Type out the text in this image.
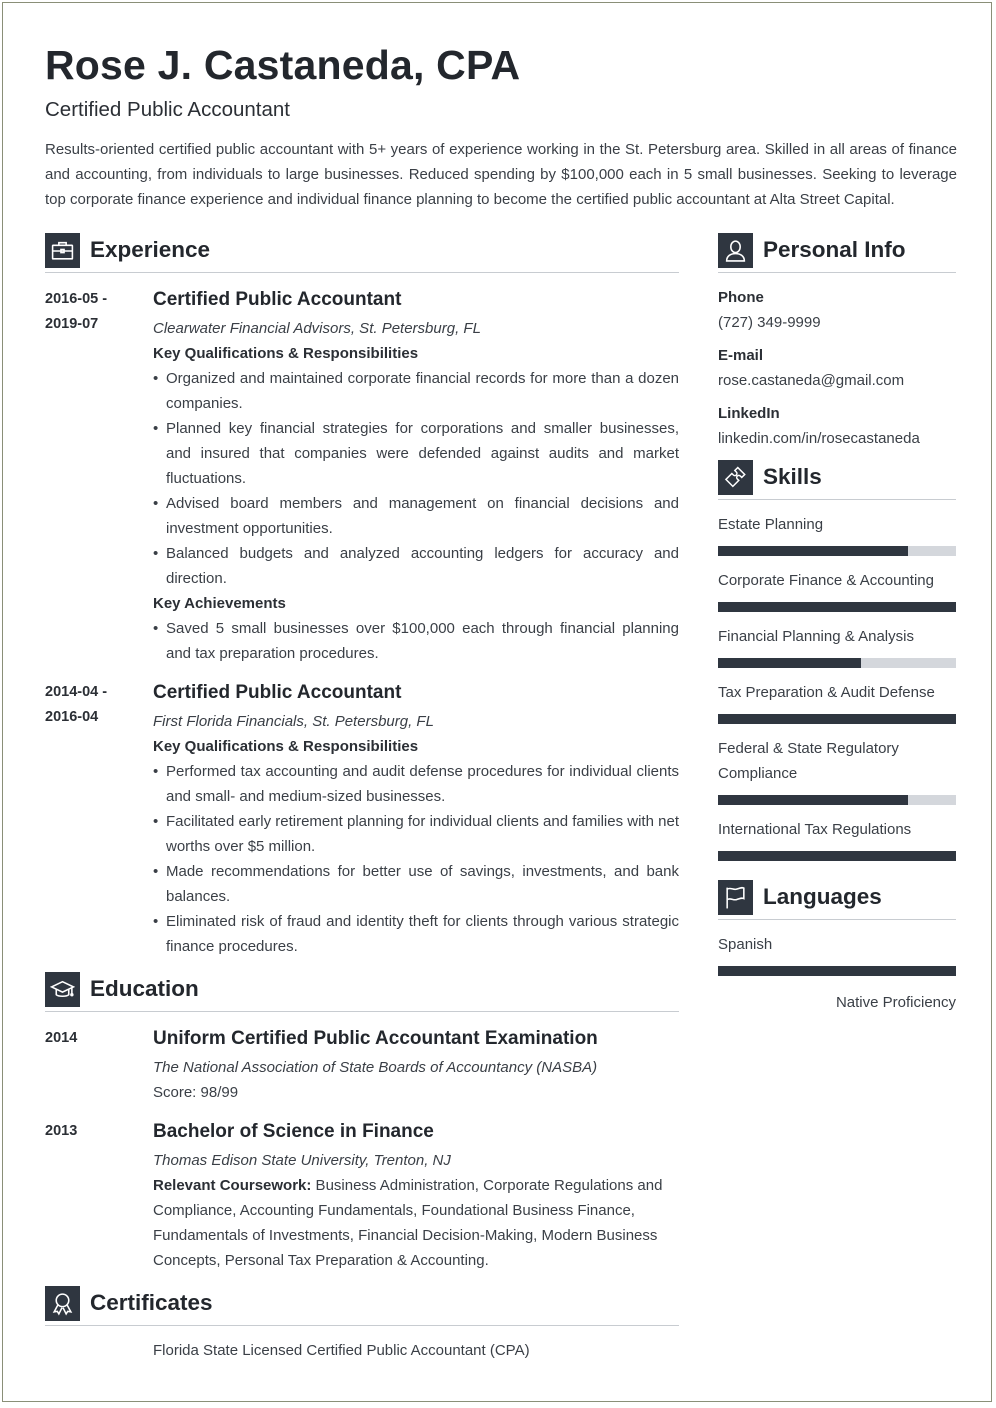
Rose J. Castaneda, CPA
Certified Public Accountant
Results-oriented certified public accountant with 5+ years of experience working in the St. Petersburg area. Skilled in all areas of finance and accounting, from individuals to large businesses. Reduced spending by $100,000 each in 5 small businesses. Seeking to leverage top corporate finance experience and individual finance planning to become the certified public accountant at Alta Street Capital.
Experience
2016-05 -
2019-07
Certified Public Accountant
Clearwater Financial Advisors, St. Petersburg, FL
Key Qualifications & Responsibilities
• Organized and maintained corporate financial records for more than a dozen companies.
• Planned key financial strategies for corporations and smaller businesses, and insured that companies were defended against audits and market fluctuations.
• Advised board members and management on financial decisions and investment opportunities.
• Balanced budgets and analyzed accounting ledgers for accuracy and direction.
Key Achievements
• Saved 5 small businesses over $100,000 each through financial planning and tax preparation procedures.
2014-04 -
2016-04
Certified Public Accountant
First Florida Financials, St. Petersburg, FL
Key Qualifications & Responsibilities
• Performed tax accounting and audit defense procedures for individual clients and small- and medium-sized businesses.
• Facilitated early retirement planning for individual clients and families with net worths over $5 million.
• Made recommendations for better use of savings, investments, and bank balances.
• Eliminated risk of fraud and identity theft for clients through various strategic finance procedures.
Education
2014	Uniform Certified Public Accountant Examination
The National Association of State Boards of Accountancy (NASBA)
Score: 98/99
2013	Bachelor of Science in Finance
Thomas Edison State University, Trenton, NJ
Relevant Coursework: Business Administration, Corporate Regulations and Compliance, Accounting Fundamentals, Foundational Business Finance, Fundamentals of Investments, Financial Decision-Making, Modern Business Concepts, Personal Tax Preparation & Accounting.
Certificates
Florida State Licensed Certified Public Accountant (CPA)
Personal Info
Phone
(727) 349-9999
E-mail
rose.castaneda@gmail.com
LinkedIn
linkedin.com/in/rosecastaneda
Skills
Estate Planning
Corporate Finance & Accounting
Financial Planning & Analysis
Tax Preparation & Audit Defense
Federal & State Regulatory Compliance
International Tax Regulations
Languages
Spanish
Native Proficiency
